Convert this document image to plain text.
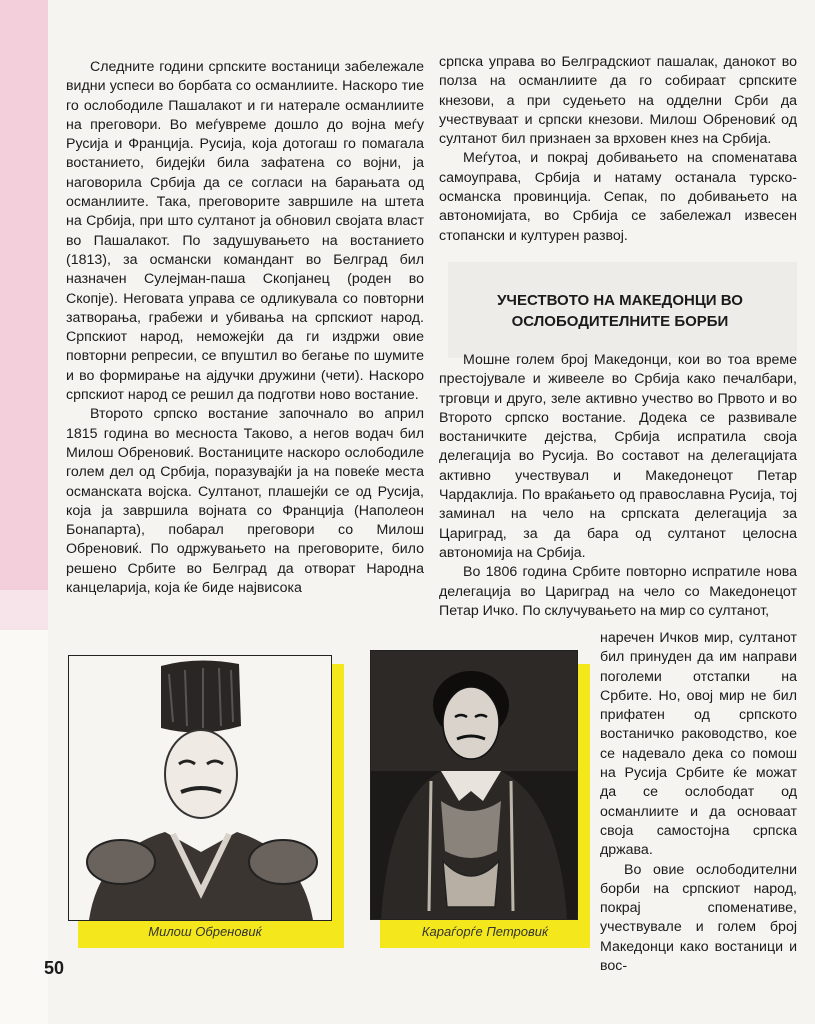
Следните години српските востаници забележале видни успеси во борбата со османлиите. Наскоро тие го ослободиле Пашалакот и ги натерале османлиите на преговори. Во меѓувреме дошло до војна меѓу Русија и Франција. Русија, која дотогаш го помагала востанието, бидејќи била зафатена со војни, ја наговорила Србија да се согласи на барањата од османлиите. Така, преговорите завршиле на штета на Србија, при што султанот ја обновил својата власт во Пашалакот. По задушувањето на востанието (1813), за османски командант во Белград бил назначен Сулејман-паша Скопјанец (роден во Скопје). Неговата управа се одликувала со повторни затворања, грабежи и убивања на српскиот народ. Српскиот народ, неможејќи да ги издржи овие повторни репресии, се впуштил во бегање по шумите и во формирање на ајдучки дружини (чети). Наскоро српскиот народ се решил да подготви ново востание.

Второто српско востание започнало во април 1815 година во месноста Таково, а негов водач бил Милош Обреновиќ. Востаниците наскоро ослободиле голем дел од Србија, поразувајќи ја на повеќе места османската војска. Султанот, плашејќи се од Русија, која ја завршила војната со Франција (Наполеон Бонапарта), побарал преговори со Милош Обреновиќ. По одржувањето на преговорите, било решено Србите во Белград да отворат Народна канцеларија, која ќе биде највисока

српска управа во Белградскиот пашалак, данокот во полза на османлиите да го собираат српските кнезови, а при судењето на одделни Срби да учествуваат и српски кнезови. Милош Обреновиќ од султанот бил признаен за врховен кнез на Србија.

Меѓутоа, и покрај добивањето на споменатава самоуправа, Србија и натаму останала турско-османска провинција. Сепак, по добивањето на автономијата, во Србија се забележал извесен стопански и културен развој.

УЧЕСТВОТО НА МАКЕДОНЦИ ВО ОСЛОБОДИТЕЛНИТЕ БОРБИ

Мошне голем број Македонци, кои во тоа време престојувале и живееле во Србија како печалбари, трговци и друго, зеле активно учество во Првото и во Второто српско востание. Додека се развивале востаничките дејства, Србија испратила своја делегација во Русија. Во составот на делегацијата активно учествувал и Македонецот Петар Чардаклија. По враќањето од православна Русија, тој заминал на чело на српската делегација за Цариград, за да бара од султанот целосна автономија на Србија.

Во 1806 година Србите повторно испратиле нова делегација во Цариград на чело со Македонецот Петар Ичко. По склучувањето на мир со султанот,

наречен Ичков мир, султанот бил принуден да им направи поголеми отстапки на Србите. Но, овој мир не бил прифатен од српското востаничко раководство, кое се надевало дека со помош на Русија Србите ќе можат да се ослободат од османлиите и да основаат своја самостојна српска држава.

Во овие ослободителни борби на српскиот народ, покрај споменативе, учествувале и голем број Македонци како востаници и вос-

Милош Обреновиќ	Караѓорѓе Петровиќ
50
